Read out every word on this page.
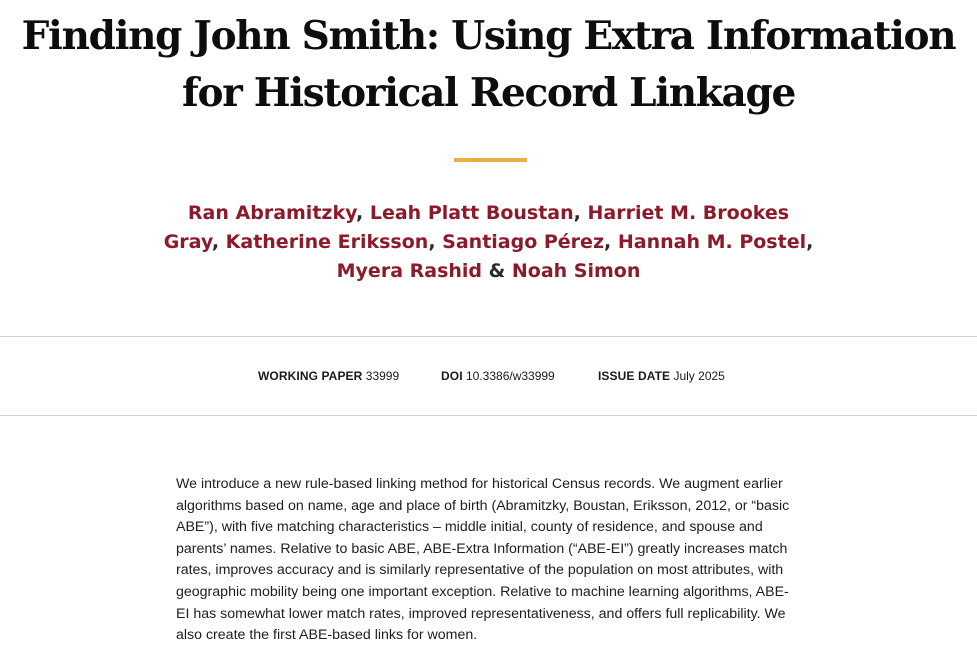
Finding John Smith: Using Extra Information
for Historical Record Linkage
Ran Abramitzky, Leah Platt Boustan, Harriet M. Brookes Gray, Katherine Eriksson, Santiago Pérez, Hannah M. Postel, Myera Rashid & Noah Simon
WORKING PAPER 33999	DOI 10.3386/w33999	ISSUE DATE July 2025

We introduce a new rule-based linking method for historical Census records. We augment earlier
algorithms based on name, age and place of birth (Abramitzky, Boustan, Eriksson, 2012, or “basic
ABE”), with five matching characteristics – middle initial, county of residence, and spouse and
parents’ names. Relative to basic ABE, ABE-Extra Information (“ABE-EI”) greatly increases match
rates, improves accuracy and is similarly representative of the population on most attributes, with
geographic mobility being one important exception. Relative to machine learning algorithms, ABE-
EI has somewhat lower match rates, improved representativeness, and offers full replicability. We
also create the first ABE-based links for women.
